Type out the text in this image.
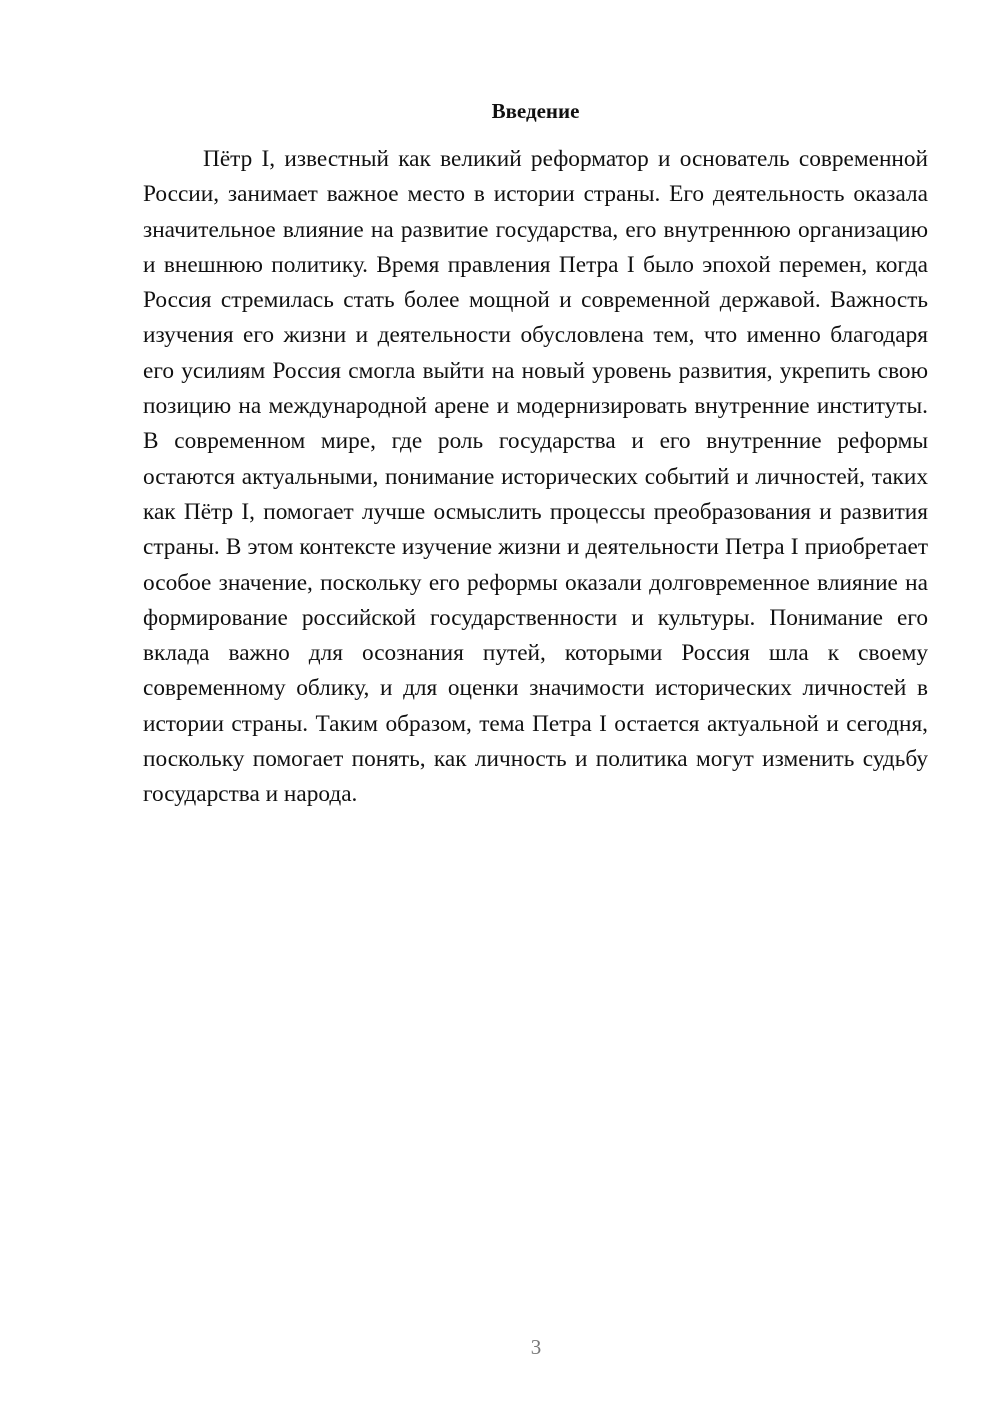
Введение

Пётр I, известный как великий реформатор и основатель современной России, занимает важное место в истории страны. Его деятельность оказала значительное влияние на развитие государства, его внутреннюю организацию и внешнюю политику. Время правления Петра I было эпохой перемен, когда Россия стремилась стать более мощной и современной державой. Важность изучения его жизни и деятельности обусловлена тем, что именно благодаря его усилиям Россия смогла выйти на новый уровень развития, укрепить свою позицию на международной арене и модернизировать внутренние институты. В современном мире, где роль государства и его внутренние реформы остаются актуальными, понимание исторических событий и личностей, таких как Пётр I, помогает лучше осмыслить процессы преобразования и развития страны. В этом контексте изучение жизни и деятельности Петра I приобретает особое значение, поскольку его реформы оказали долговременное влияние на формирование российской государственности и культуры. Понимание его вклада важно для осознания путей, которыми Россия шла к своему современному облику, и для оценки значимости исторических личностей в истории страны. Таким образом, тема Петра I остается актуальной и сегодня, поскольку помогает понять, как личность и политика могут изменить судьбу государства и народа.

3
